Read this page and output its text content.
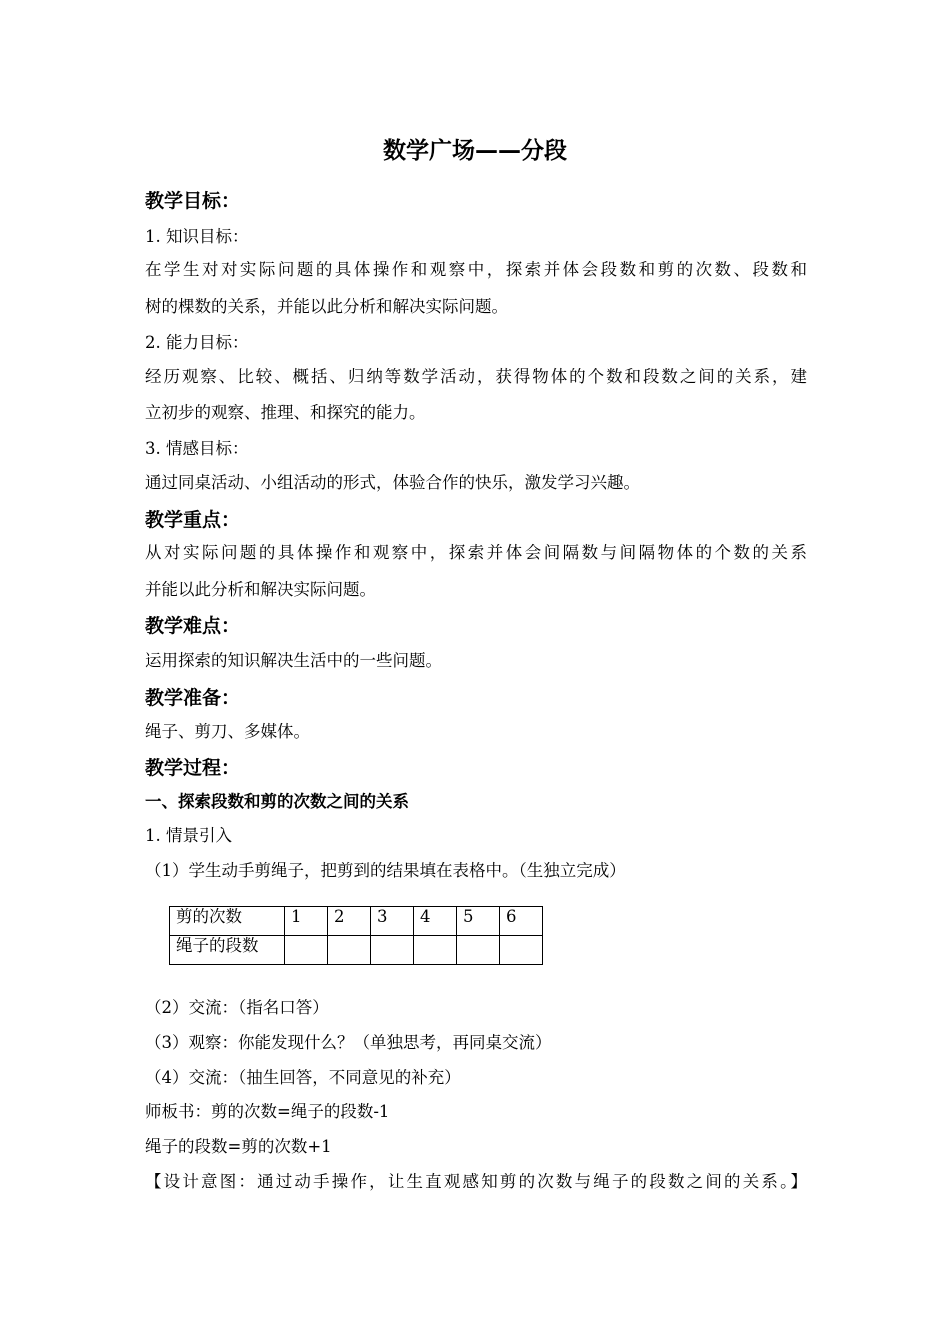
数学广场——分段
教学目标：
1. 知识目标：
在学生对对实际问题的具体操作和观察中，探索并体会段数和剪的次数、段数和
树的棵数的关系，并能以此分析和解决实际问题。
2. 能力目标：
经历观察、比较、概括、归纳等数学活动，获得物体的个数和段数之间的关系，建
立初步的观察、推理、和探究的能力。
3. 情感目标：
通过同桌活动、小组活动的形式，体验合作的快乐，激发学习兴趣。
教学重点：
从对实际问题的具体操作和观察中，探索并体会间隔数与间隔物体的个数的关系
并能以此分析和解决实际问题。
教学难点：
运用探索的知识解决生活中的一些问题。
教学准备：
绳子、剪刀、多媒体。
教学过程：
一、探索段数和剪的次数之间的关系
1. 情景引入
（1）学生动手剪绳子，把剪到的结果填在表格中。（生独立完成）
剪的次数	1	2	3	4	5	6
绳子的段数						
（2）交流：（指名口答）
（3）观察：你能发现什么？（单独思考，再同桌交流）
（4）交流：（抽生回答，不同意见的补充）
师板书：剪的次数=绳子的段数-1
绳子的段数=剪的次数+1
【设计意图：通过动手操作，让生直观感知剪的次数与绳子的段数之间的关系。】
